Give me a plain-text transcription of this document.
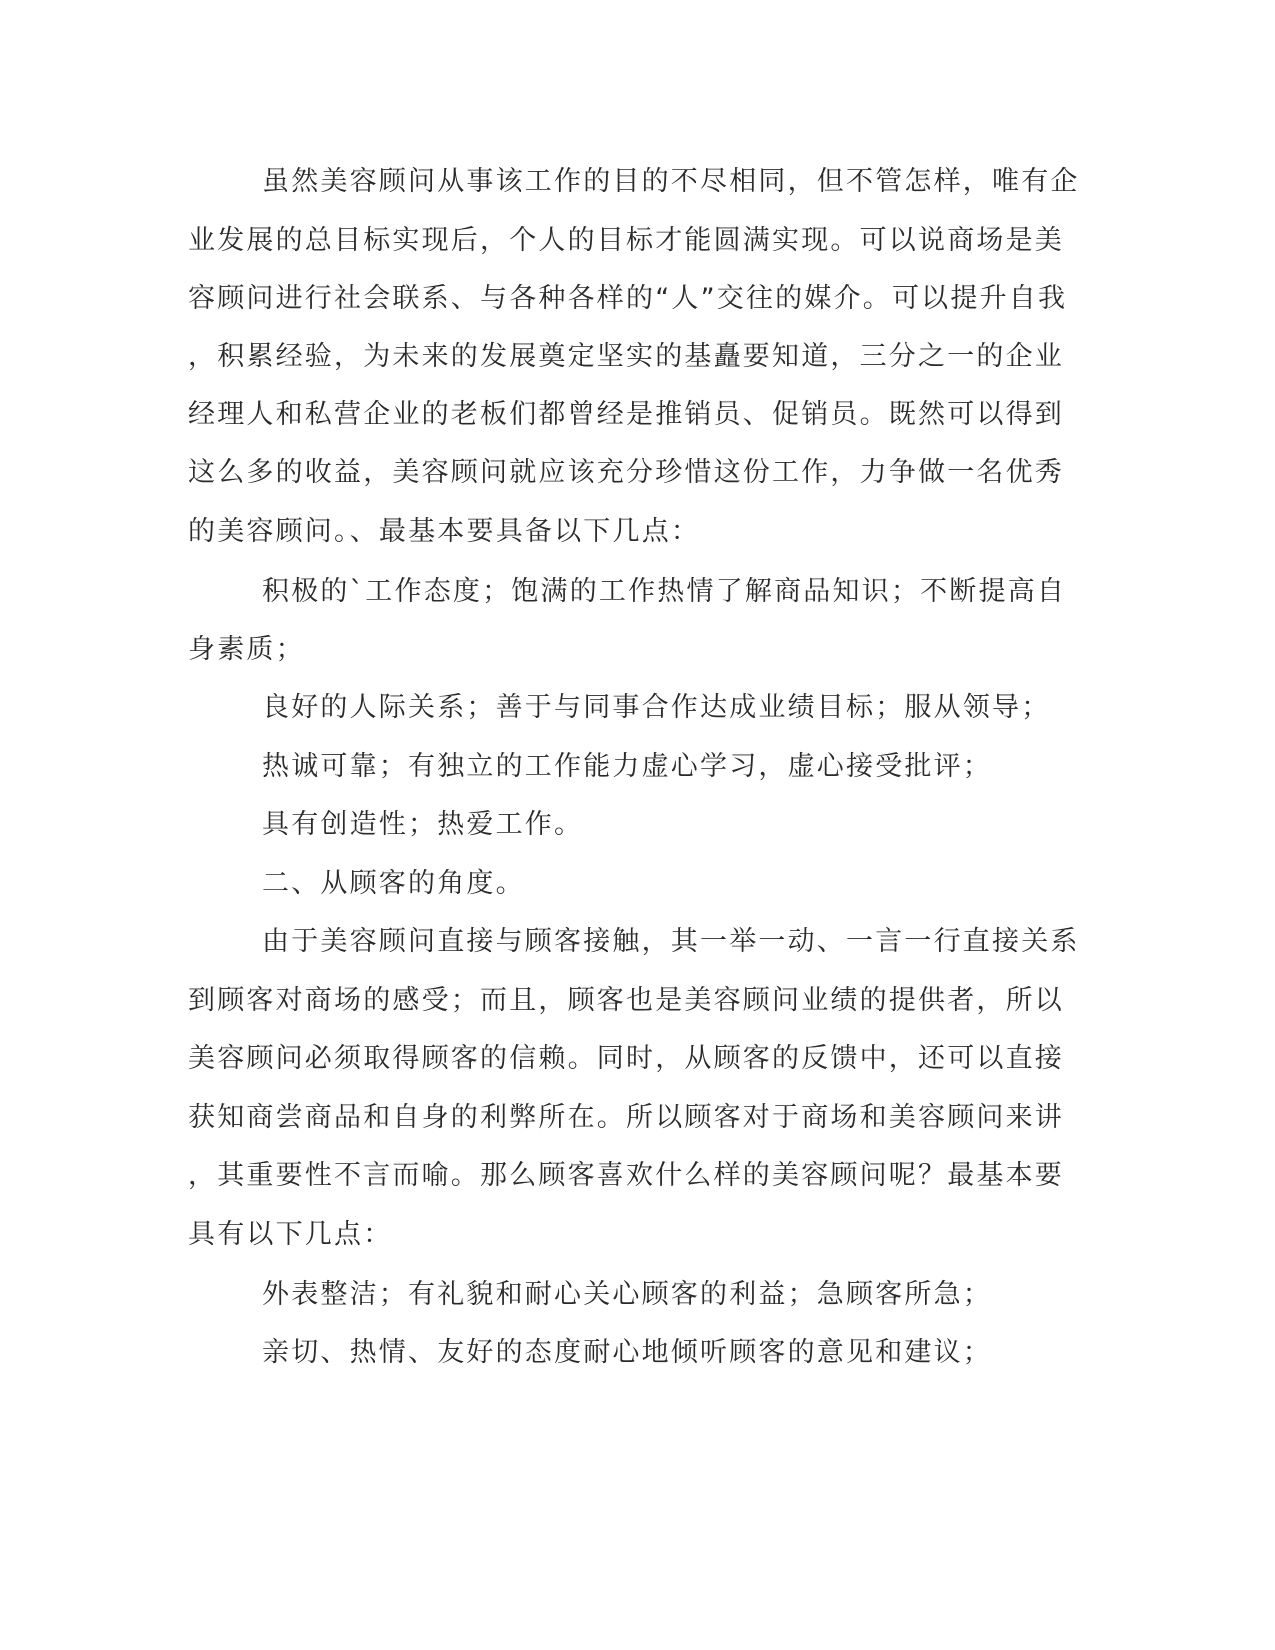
虽然美容顾问从事该工作的目的不尽相同，但不管怎样，唯有企
业发展的总目标实现后，个人的目标才能圆满实现。可以说商场是美
容顾问进行社会联系、与各种各样的“人”交往的媒介。可以提升自我
，积累经验，为未来的发展奠定坚实的基矗要知道，三分之一的企业
经理人和私营企业的老板们都曾经是推销员、促销员。既然可以得到
这么多的收益，美容顾问就应该充分珍惜这份工作，力争做一名优秀
的美容顾问。、最基本要具备以下几点：
积极的`工作态度；饱满的工作热情了解商品知识；不断提高自
身素质；
良好的人际关系；善于与同事合作达成业绩目标；服从领导；
热诚可靠；有独立的工作能力虚心学习，虚心接受批评；
具有创造性；热爱工作。
二、从顾客的角度。
由于美容顾问直接与顾客接触，其一举一动、一言一行直接关系
到顾客对商场的感受；而且，顾客也是美容顾问业绩的提供者，所以
美容顾问必须取得顾客的信赖。同时，从顾客的反馈中，还可以直接
获知商尝商品和自身的利弊所在。所以顾客对于商场和美容顾问来讲
，其重要性不言而喻。那么顾客喜欢什么样的美容顾问呢？最基本要
具有以下几点：
外表整洁；有礼貌和耐心关心顾客的利益；急顾客所急；
亲切、热情、友好的态度耐心地倾听顾客的意见和建议；
